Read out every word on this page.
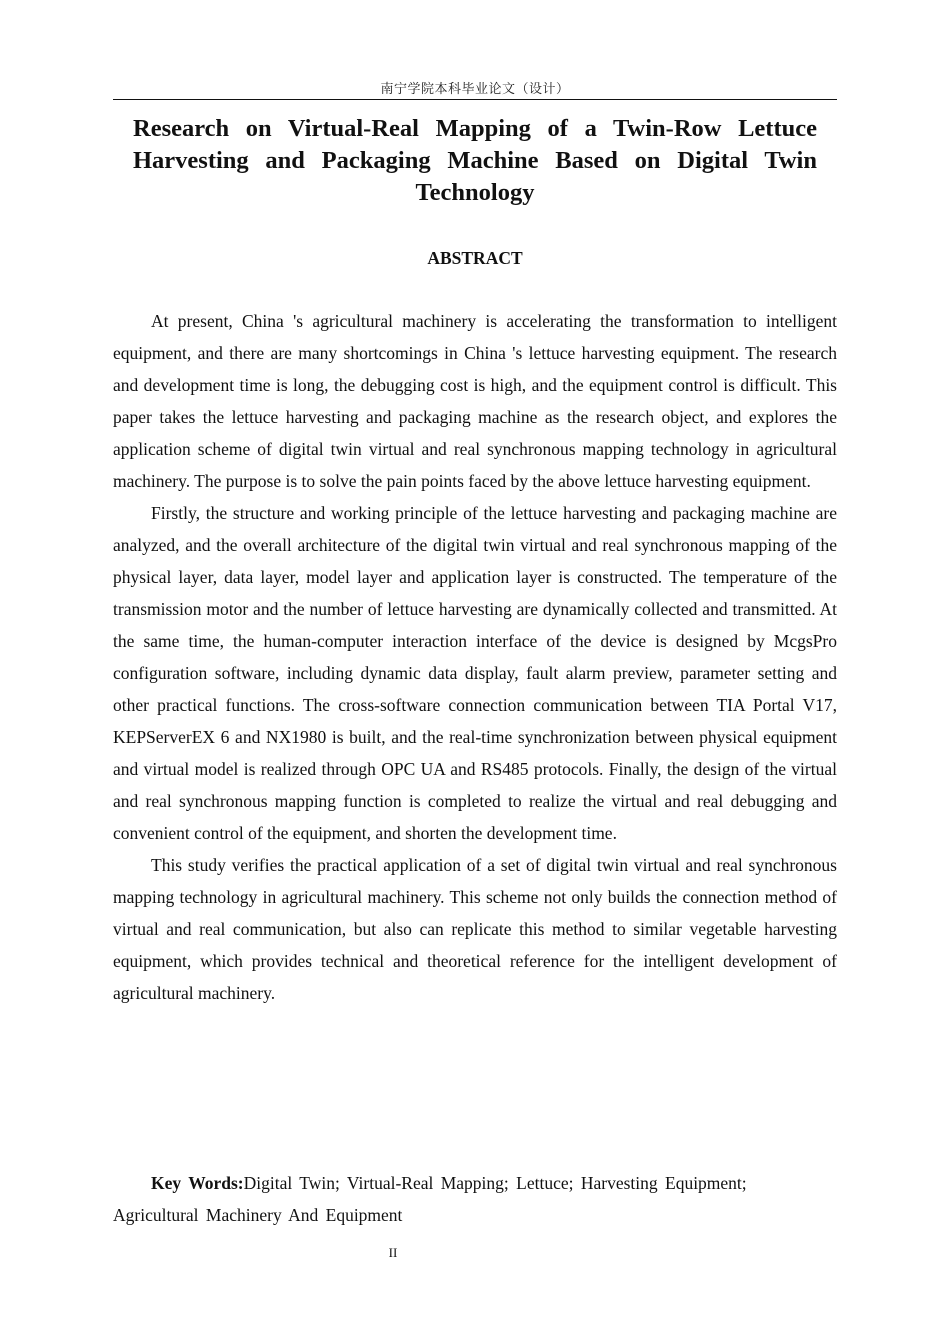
南宁学院本科毕业论文（设计）
Research on Virtual-Real Mapping of a Twin-Row Lettuce Harvesting and Packaging Machine Based on Digital Twin Technology
ABSTRACT

At present, China 's agricultural machinery is accelerating the transformation to intelligent equipment, and there are many shortcomings in China 's lettuce harvesting equipment. The research and development time is long, the debugging cost is high, and the equipment control is difficult. This paper takes the lettuce harvesting and packaging machine as the research object, and explores the application scheme of digital twin virtual and real synchronous mapping technology in agricultural machinery. The purpose is to solve the pain points faced by the above lettuce harvesting equipment.

Firstly, the structure and working principle of the lettuce harvesting and packaging machine are analyzed, and the overall architecture of the digital twin virtual and real synchronous mapping of the physical layer, data layer, model layer and application layer is constructed. The temperature of the transmission motor and the number of lettuce harvesting are dynamically collected and transmitted. At the same time, the human-computer interaction interface of the device is designed by McgsPro configuration software, including dynamic data display, fault alarm preview, parameter setting and other practical functions. The cross-software connection communication between TIA Portal V17, KEPServerEX 6 and NX1980 is built, and the real-time synchronization between physical equipment and virtual model is realized through OPC UA and RS485 protocols. Finally, the design of the virtual and real synchronous mapping function is completed to realize the virtual and real debugging and convenient control of the equipment, and shorten the development time.

This study verifies the practical application of a set of digital twin virtual and real synchronous mapping technology in agricultural machinery. This scheme not only builds the connection method of virtual and real communication, but also can replicate this method to similar vegetable harvesting equipment, which provides technical and theoretical reference for the intelligent development of agricultural machinery.

Key Words:Digital Twin; Virtual-Real Mapping; Lettuce; Harvesting Equipment; Agricultural Machinery And Equipment

II
